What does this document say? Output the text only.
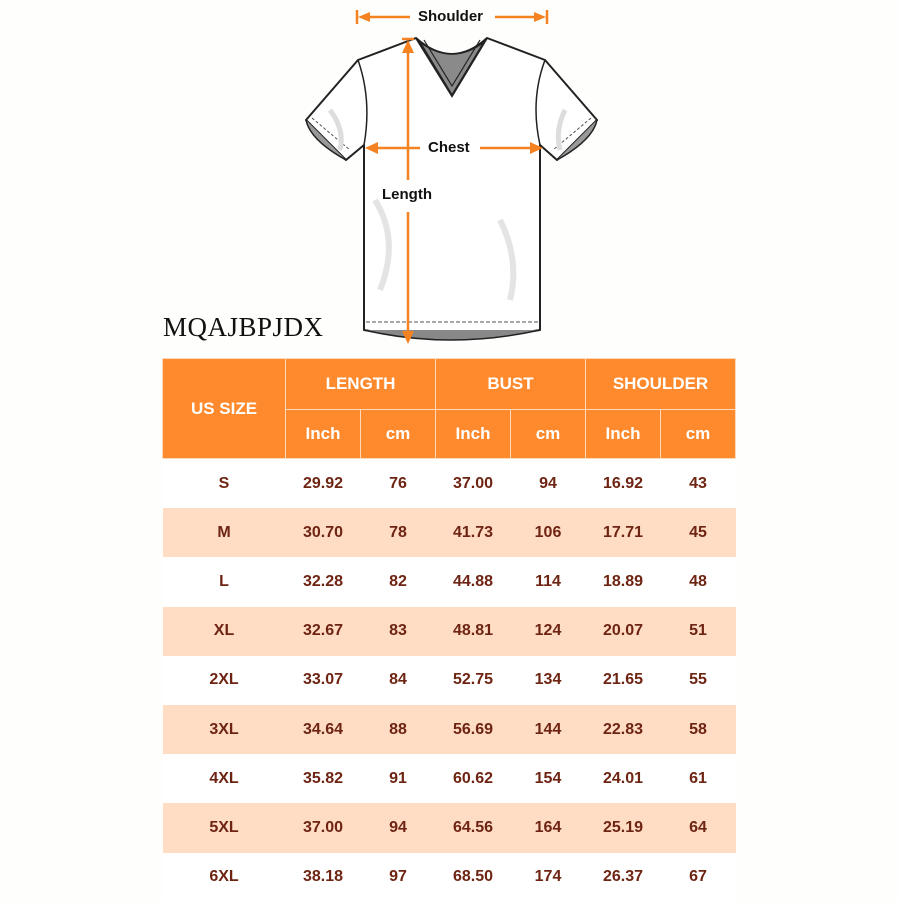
Shoulder
Chest
Length
MQAJBPJDX
US SIZE	LENGTH		BUST		SHOULDER	
	Inch	cm	Inch	cm	Inch	cm
S	29.92	76	37.00	94	16.92	43
M	30.70	78	41.73	106	17.71	45
L	32.28	82	44.88	114	18.89	48
XL	32.67	83	48.81	124	20.07	51
2XL	33.07	84	52.75	134	21.65	55
3XL	34.64	88	56.69	144	22.83	58
4XL	35.82	91	60.62	154	24.01	61
5XL	37.00	94	64.56	164	25.19	64
6XL	38.18	97	68.50	174	26.37	67
